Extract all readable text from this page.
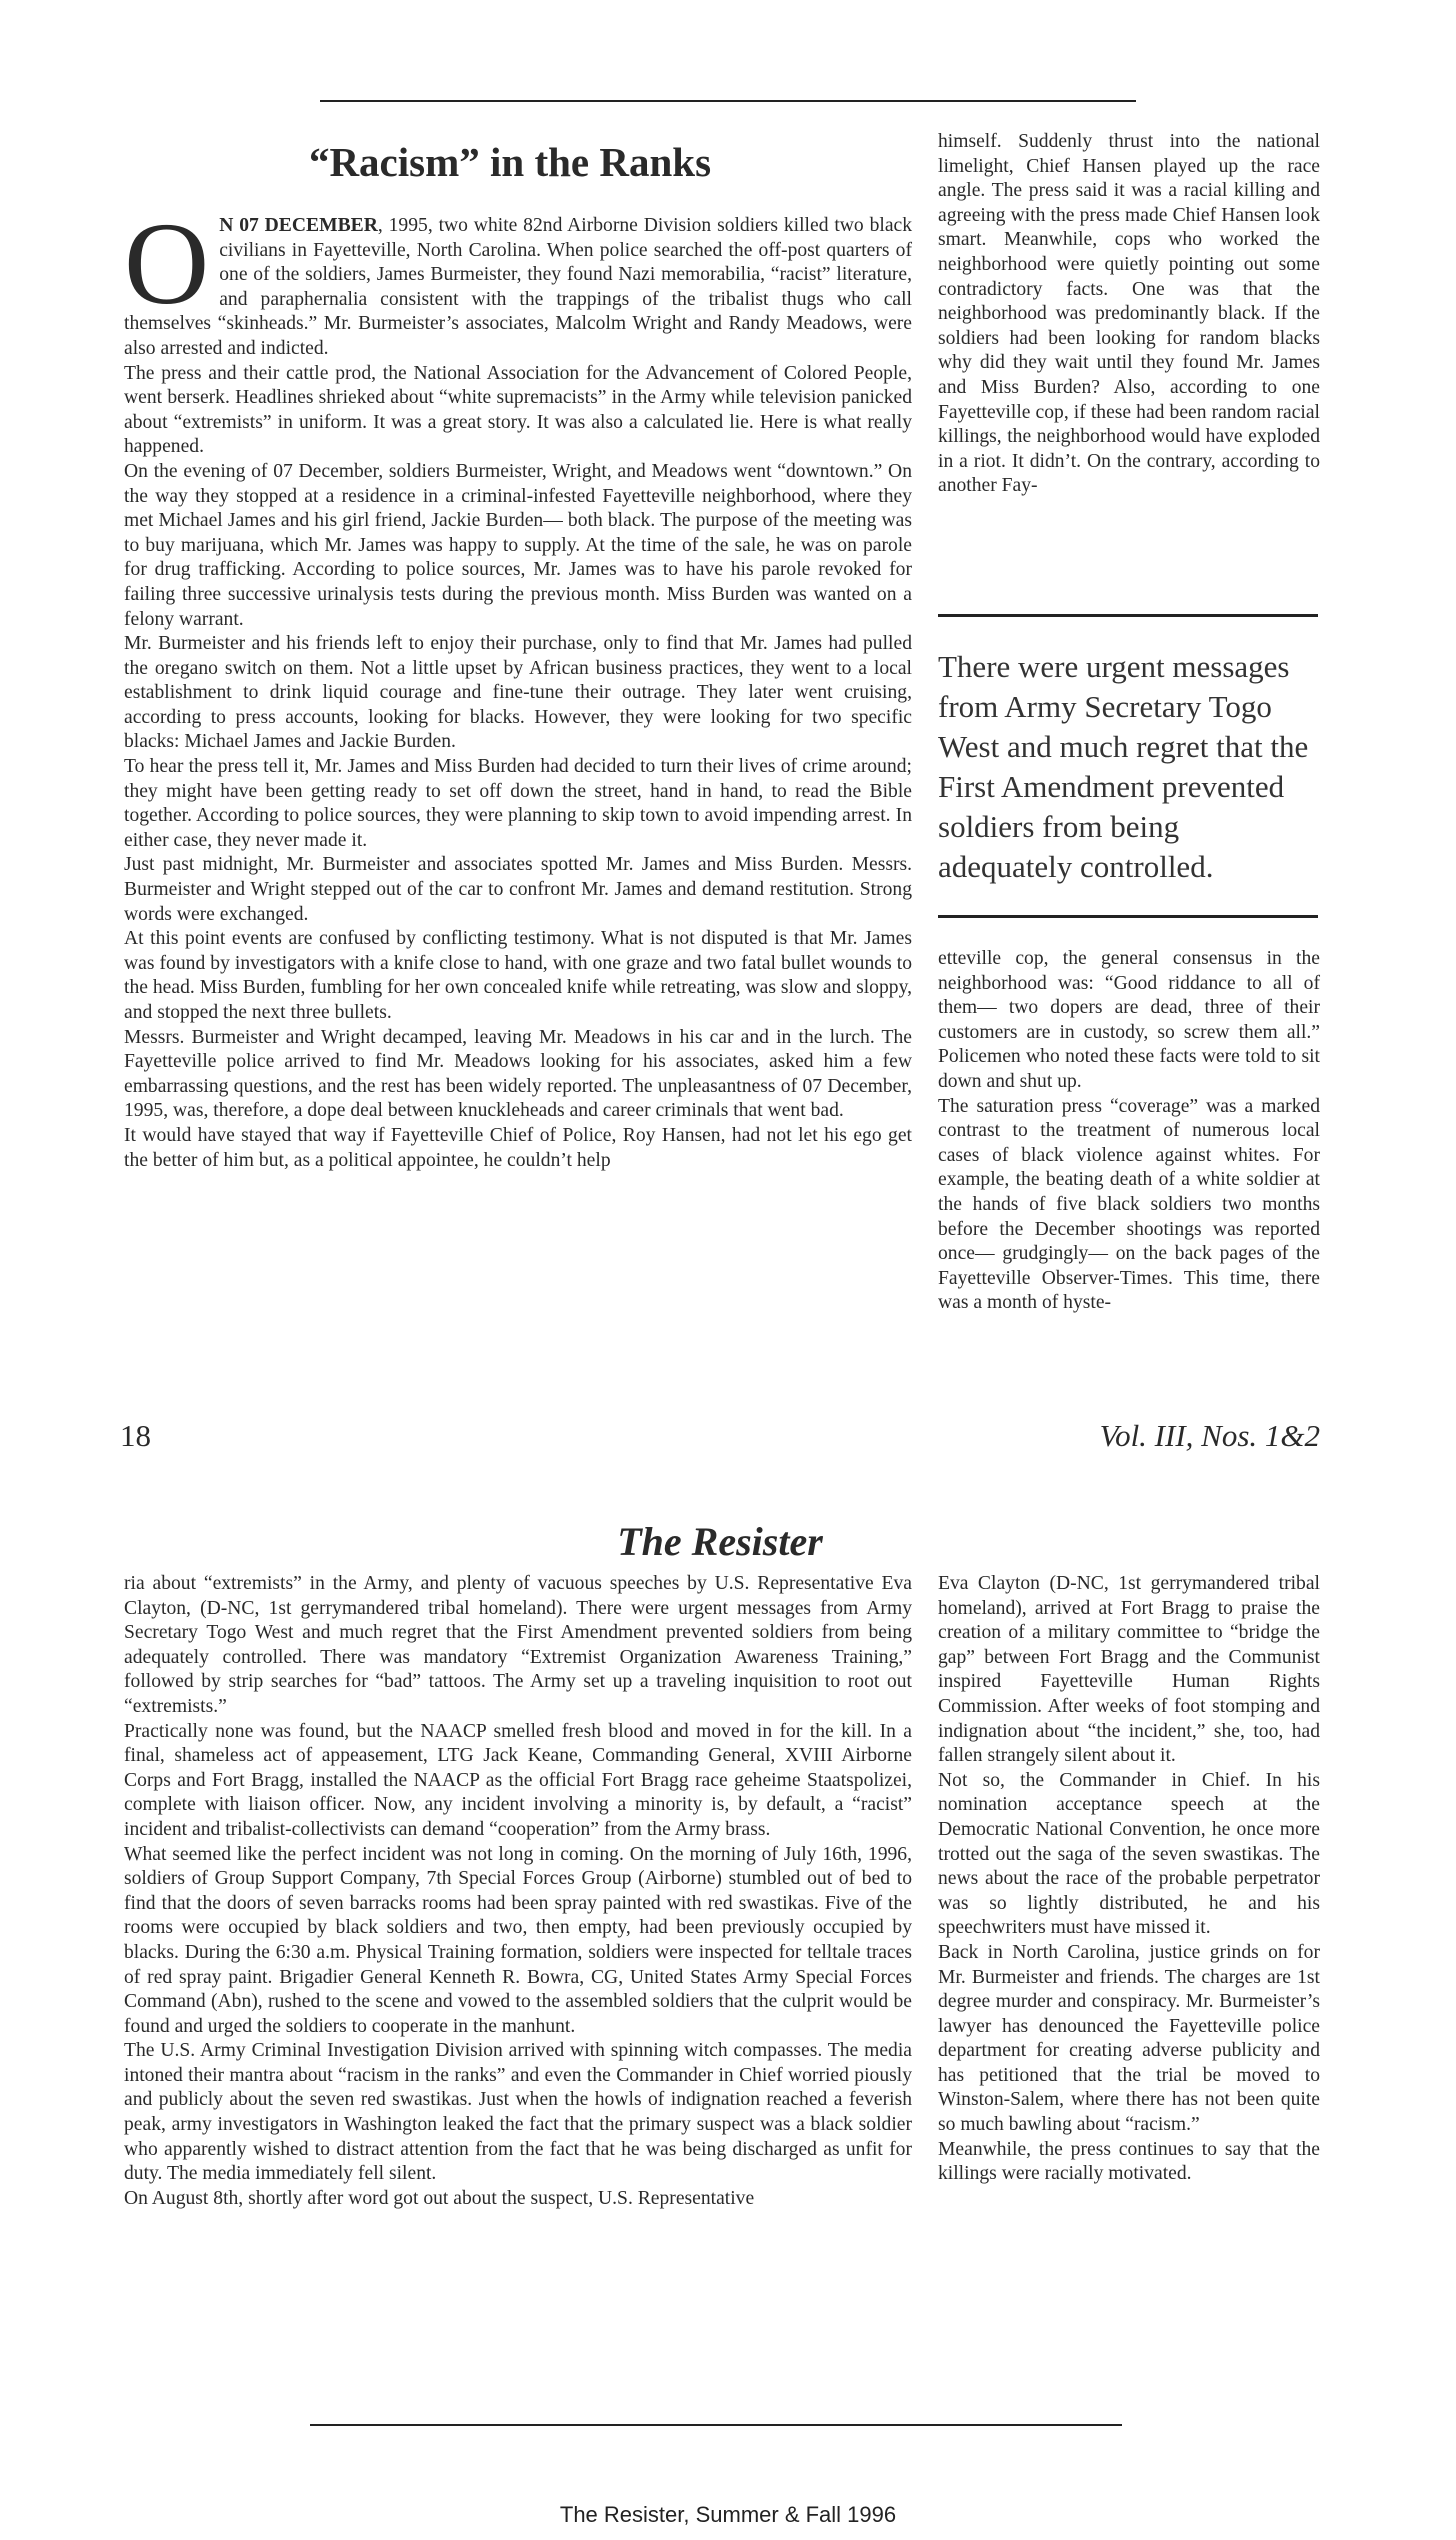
“Racism” in the Ranks

O N 07 DECEMBER, 1995, two white 82nd Airborne Division soldiers killed two black civilians in Fayetteville, North Carolina. When police searched the off-post quarters of one of the soldiers, James Burmeister, they found Nazi memorabilia, “racist” literature, and paraphernalia consistent with the trappings of the tribalist thugs who call themselves “skinheads.” Mr. Burmeister’s associates, Malcolm Wright and Randy Meadows, were also arrested and indicted.

The press and their cattle prod, the National Association for the Advancement of Colored People, went berserk. Headlines shrieked about “white supremacists” in the Army while television panicked about “extremists” in uniform. It was a great story. It was also a calculated lie. Here is what really happened.

On the evening of 07 December, soldiers Burmeister, Wright, and Meadows went “downtown.” On the way they stopped at a residence in a criminal-infested Fayetteville neighborhood, where they met Michael James and his girl friend, Jackie Burden— both black. The purpose of the meeting was to buy marijuana, which Mr. James was happy to supply. At the time of the sale, he was on parole for drug trafficking. According to police sources, Mr. James was to have his parole revoked for failing three successive urinalysis tests during the previous month. Miss Burden was wanted on a felony warrant.

Mr. Burmeister and his friends left to enjoy their purchase, only to find that Mr. James had pulled the oregano switch on them. Not a little upset by African business practices, they went to a local establishment to drink liquid courage and fine-tune their outrage. They later went cruising, according to press accounts, looking for blacks. However, they were looking for two specific blacks: Michael James and Jackie Burden.

To hear the press tell it, Mr. James and Miss Burden had decided to turn their lives of crime around; they might have been getting ready to set off down the street, hand in hand, to read the Bible together. According to police sources, they were planning to skip town to avoid impending arrest. In either case, they never made it.

Just past midnight, Mr. Burmeister and associates spotted Mr. James and Miss Burden. Messrs. Burmeister and Wright stepped out of the car to confront Mr. James and demand restitution. Strong words were exchanged.

At this point events are confused by conflicting testimony. What is not disputed is that Mr. James was found by investigators with a knife close to hand, with one graze and two fatal bullet wounds to the head. Miss Burden, fumbling for her own concealed knife while retreating, was slow and sloppy, and stopped the next three bullets.

Messrs. Burmeister and Wright decamped, leaving Mr. Meadows in his car and in the lurch. The Fayetteville police arrived to find Mr. Meadows looking for his associates, asked him a few embarrassing questions, and the rest has been widely reported. The unpleasantness of 07 December, 1995, was, therefore, a dope deal between knuckleheads and career criminals that went bad.

It would have stayed that way if Fayetteville Chief of Police, Roy Hansen, had not let his ego get the better of him but, as a political appointee, he couldn’t help

himself. Suddenly thrust into the national limelight, Chief Hansen played up the race angle. The press said it was a racial killing and agreeing with the press made Chief Hansen look smart. Meanwhile, cops who worked the neighborhood were quietly pointing out some contradictory facts. One was that the neighborhood was predominantly black. If the soldiers had been looking for random blacks why did they wait until they found Mr. James and Miss Burden? Also, according to one Fayetteville cop, if these had been random racial killings, the neighborhood would have exploded in a riot. It didn’t. On the contrary, according to another Fay-

There were urgent messages from Army Secretary Togo West and much regret that the First Amendment prevented soldiers from being adequately controlled.

etteville cop, the general consensus in the neighborhood was: “Good riddance to all of them— two dopers are dead, three of their customers are in custody, so screw them all.” Policemen who noted these facts were told to sit down and shut up.

The saturation press “coverage” was a marked contrast to the treatment of numerous local cases of black violence against whites. For example, the beating death of a white soldier at the hands of five black soldiers two months before the December shootings was reported once— grudgingly— on the back pages of the Fayetteville Observer-Times. This time, there was a month of hyste-

18	Vol. III, Nos. 1&2
The Resister

ria about “extremists” in the Army, and plenty of vacuous speeches by U.S. Representative Eva Clayton, (D-NC, 1st gerrymandered tribal homeland). There were urgent messages from Army Secretary Togo West and much regret that the First Amendment prevented soldiers from being adequately controlled. There was mandatory “Extremist Organization Awareness Training,” followed by strip searches for “bad” tattoos. The Army set up a traveling inquisition to root out “extremists.”

Practically none was found, but the NAACP smelled fresh blood and moved in for the kill. In a final, shameless act of appeasement, LTG Jack Keane, Commanding General, XVIII Airborne Corps and Fort Bragg, installed the NAACP as the official Fort Bragg race geheime Staatspolizei, complete with liaison officer. Now, any incident involving a minority is, by default, a “racist” incident and tribalist-collectivists can demand “cooperation” from the Army brass.

What seemed like the perfect incident was not long in coming. On the morning of July 16th, 1996, soldiers of Group Support Company, 7th Special Forces Group (Airborne) stumbled out of bed to find that the doors of seven barracks rooms had been spray painted with red swastikas. Five of the rooms were occupied by black soldiers and two, then empty, had been previously occupied by blacks. During the 6:30 a.m. Physical Training formation, soldiers were inspected for telltale traces of red spray paint. Brigadier General Kenneth R. Bowra, CG, United States Army Special Forces Command (Abn), rushed to the scene and vowed to the assembled soldiers that the culprit would be found and urged the soldiers to cooperate in the manhunt.

The U.S. Army Criminal Investigation Division arrived with spinning witch compasses. The media intoned their mantra about “racism in the ranks” and even the Commander in Chief worried piously and publicly about the seven red swastikas. Just when the howls of indignation reached a feverish peak, army investigators in Washington leaked the fact that the primary suspect was a black soldier who apparently wished to distract attention from the fact that he was being discharged as unfit for duty. The media immediately fell silent.

On August 8th, shortly after word got out about the suspect, U.S. Representative

Eva Clayton (D-NC, 1st gerrymandered tribal homeland), arrived at Fort Bragg to praise the creation of a military committee to “bridge the gap” between Fort Bragg and the Communist inspired Fayetteville Human Rights Commission. After weeks of foot stomping and indignation about “the incident,” she, too, had fallen strangely silent about it.

Not so, the Commander in Chief. In his nomination acceptance speech at the Democratic National Convention, he once more trotted out the saga of the seven swastikas. The news about the race of the probable perpetrator was so lightly distributed, he and his speechwriters must have missed it.

Back in North Carolina, justice grinds on for Mr. Burmeister and friends. The charges are 1st degree murder and conspiracy. Mr. Burmeister’s lawyer has denounced the Fayetteville police department for creating adverse publicity and has petitioned that the trial be moved to Winston-Salem, where there has not been quite so much bawling about “racism.”

Meanwhile, the press continues to say that the killings were racially motivated.

The Resister, Summer & Fall 1996
